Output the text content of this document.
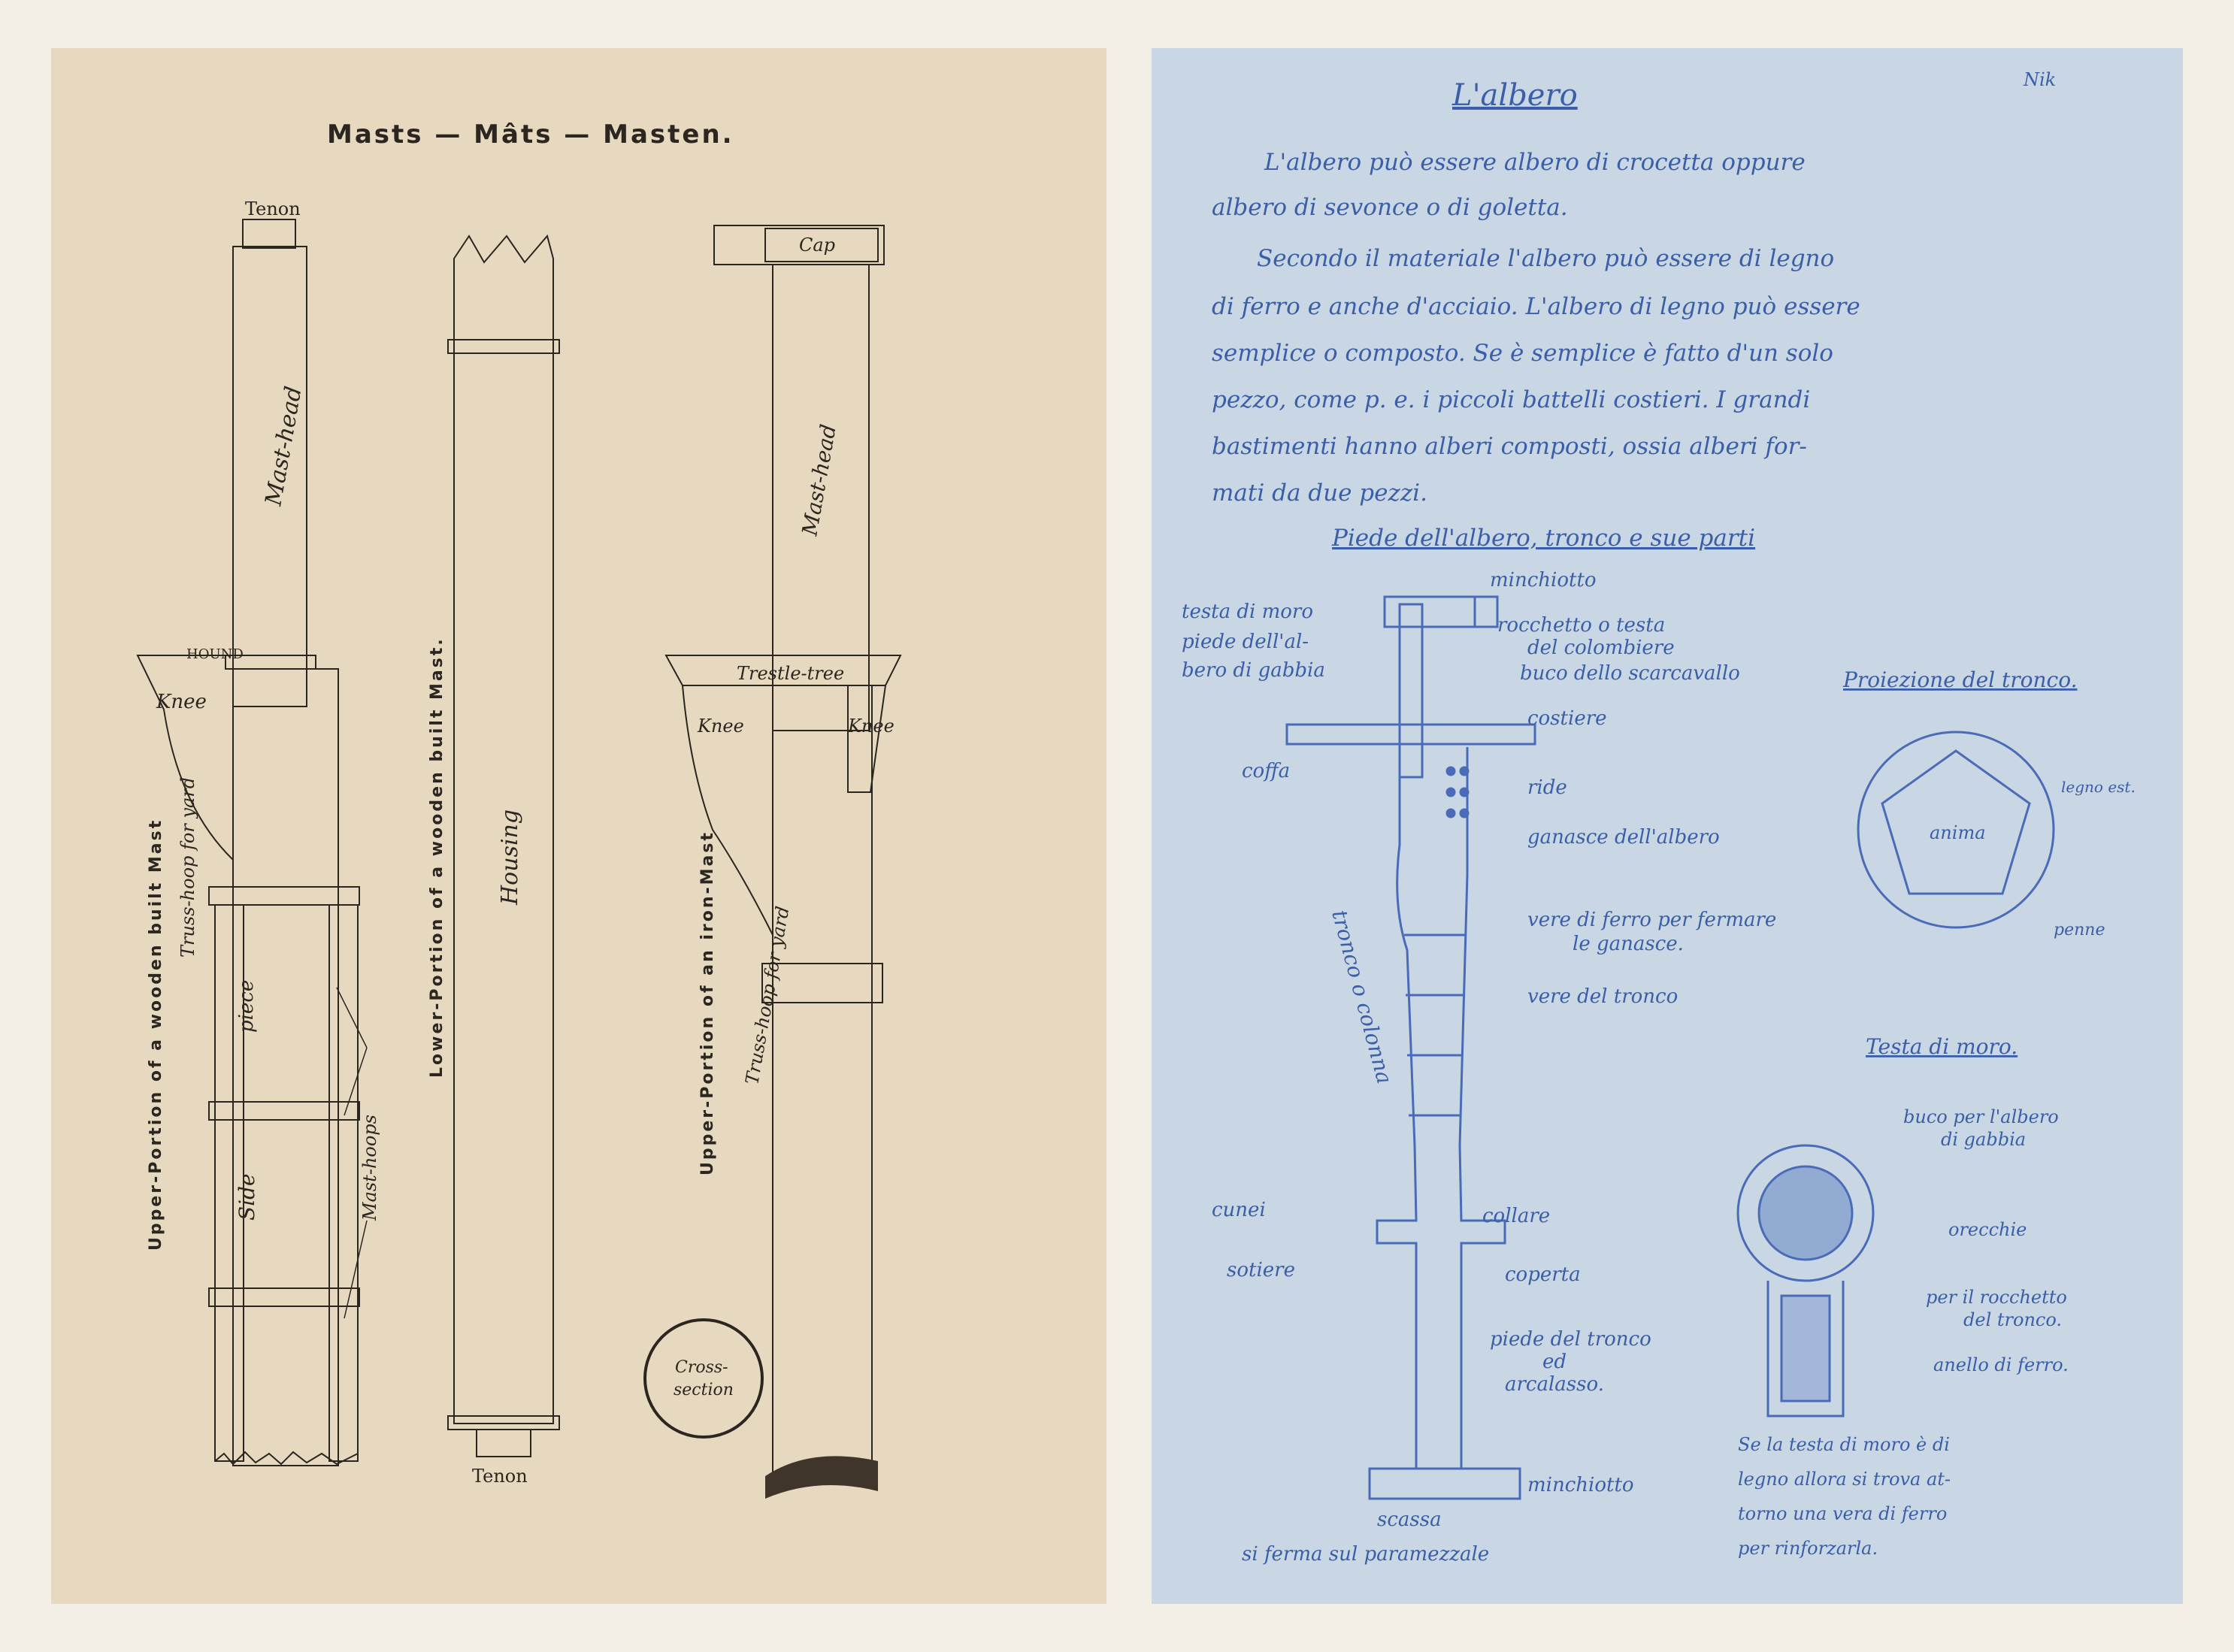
Masts — Mâts — Masten.
Tenon
HOUND
Knee
Mast-head
piece
Side
Truss-hoop for yard
Mast-hoops
Upper-Portion of a wooden built Mast	Housing
Tenon
Lower-Portion of a wooden built Mast.
Cap
Mast-head
Trestle-tree
Knee	Knee
Truss-hoop for yard
Upper-Portion of an iron-Mast
Cross-
section
L'albero	Nik
L'albero può essere albero di crocetta oppure
albero di sevonce o di goletta.
Secondo il materiale l'albero può essere di legno
di ferro e anche d'acciaio. L'albero di legno può essere
semplice o composto. Se è semplice è fatto d'un solo
pezzo, come p. e. i piccoli battelli costieri. I grandi
bastimenti hanno alberi composti, ossia alberi for-
mati da due pezzi.
Piede dell'albero, tronco e sue parti
testa di moro
piede dell'al-
bero di gabbia
minchiotto
rocchetto o testa
del colombiere
buco dello scarcavallo
costiere
coffa
ride
ganasce dell'albero
vere di ferro per fermare
le ganasce.
vere del tronco
tronco o colonna
cunei	collare
sotiere	coperta
piede del tronco
ed
arcalasso.
minchiotto
scassa
si ferma sul paramezzale
Proiezione del tronco.
anima
legno est.
penne
Testa di moro.
buco per l'albero
di gabbia
orecchie
per il rocchetto
del tronco.
anello di ferro.
Se la testa di moro è di
legno allora si trova at-
torno una vera di ferro
per rinforzarla.
